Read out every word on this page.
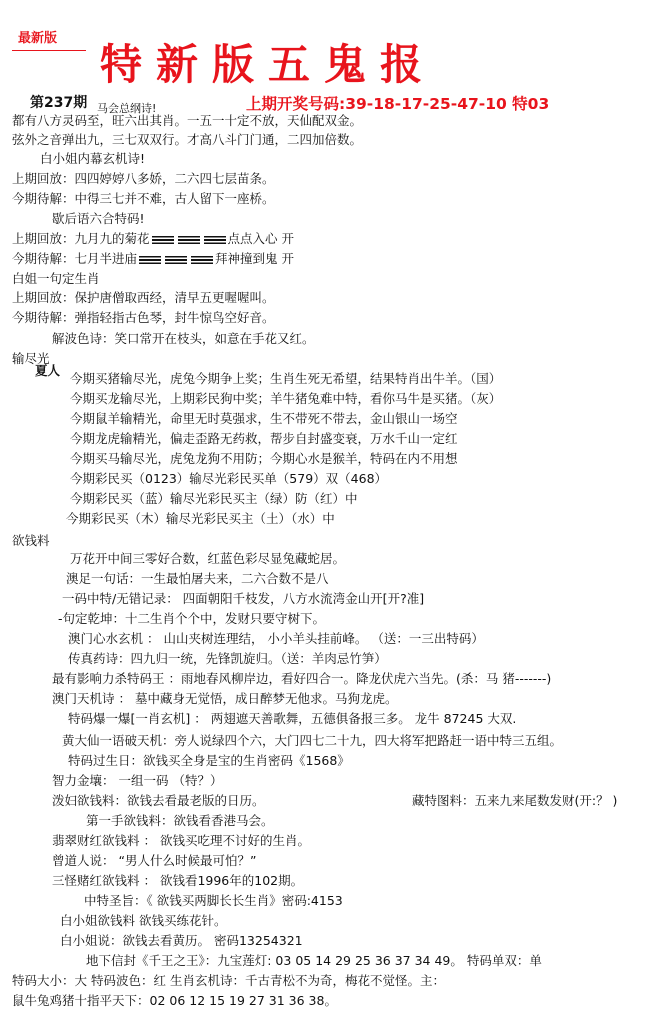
最新版
特新版五鬼报
第237期 马会总纲诗!	上期开奖号码:39-18-17-25-47-10 特03
都有八方灵码至，旺六出其肖。一五一十定不放，天仙配双金。
弦外之音弹出九，三七双双行。才高八斗门门通，二四加倍数。
白小姐内幕玄机诗!
上期回放：四四婷婷八多娇，二六四七层苗条。
今期待解：中得三七并不难，古人留下一座桥。
歇后语六合特码!
上期回放：九月九的菊花	点点入心 开
今期待解：七月半进庙	拜神撞到鬼 开
白姐一句定生肖
上期回放：保护唐僧取西经，清早五更喔喔叫。
今期待解：弹指轻指古色琴，封牛惊鸟空好音。
解波色诗：笑口常开在枝头，如意在手花又红。
输尽光
夏人
今期买猪输尽光，虎兔今期争上奖；生肖生死无希望，结果特肖出牛羊。（国）
今期买龙输尽光，上期彩民狗中奖；羊牛猪兔难中特，看你马牛是买猪。（灰）
今期鼠羊输精光，命里无时莫强求，生不带死不带去，金山银山一场空
今期龙虎输精光，偏走歪路无药救，帮步自封盛变衰，万水千山一定红
今期买马输尽光，虎兔龙狗不用防；今期心水是猴羊，特码在内不用想
今期彩民买（0123）输尽光彩民买单（579）双（468）
今期彩民买（蓝）输尽光彩民买主（绿）防（红）中
今期彩民买（木）输尽光彩民买主（土）（水）中
欲钱料
万花开中间三零好合数，红蓝色彩尽显兔藏蛇居。
澳足一句话：一生最怕屠夫来，二六合数不是八
一码中特/无错记录： 四面朝阳千枝发，八方水流湾金山开[开?准]
-句定乾坤：十二生肖个个中，发财只要守树下。
澳门心水玄机 ： 山山夹树连理结， 小小羊头挂前峰。 （送：一三出特码）
传真药诗：四九归一统，先锋凯旋归。（送：羊肉忌竹笋）
最有影响力杀特码王 ：雨地春风柳岸边，看好四合一。降龙伏虎六当先。(杀：马 猪-------)
澳门天机诗 ： 墓中藏身无觉悟，成日醉梦无他求。马狗龙虎。
特码爆一爆[一肖玄机] ： 两翅遮天善歌舞，五德俱备报三多。 龙牛 87245 大双.
黄大仙一语破天机：旁人说绿四个六，大门四七二十九，四大将军把路赶一语中特三五组。
特码过生日：欲钱买全身是宝的生肖密码《1568》
智力金壤： 一组一码 （特？）
泼妇欲钱料：欲钱去看最老版的日历。	藏特图料：五来九来尾数发财(开:？ )
第一手欲钱料：欲钱看香港马会。
翡翠财红欲钱料 ： 欲钱买吃理不讨好的生肖。
曾道人说： “男人什么时候最可怕？”
三怪赌红欲钱料 ： 欲钱看1996年的102期。
中特圣旨：《 欲钱买两脚长长生肖》密码:4153
白小姐欲钱料 欲钱买练花针。
白小姐说：欲钱去看黄历。 密码13254321
地下信封《千王之王》：九宝莲灯: 03 05 14 29 25 36 37 34 49。 特码单双：单
特码大小：大 特码波色：红 生肖玄机诗：千古青松不为奇，梅花不觉怪。主：
鼠牛兔鸡猪十指平天下：02 06 12 15 19 27 31 36 38。
